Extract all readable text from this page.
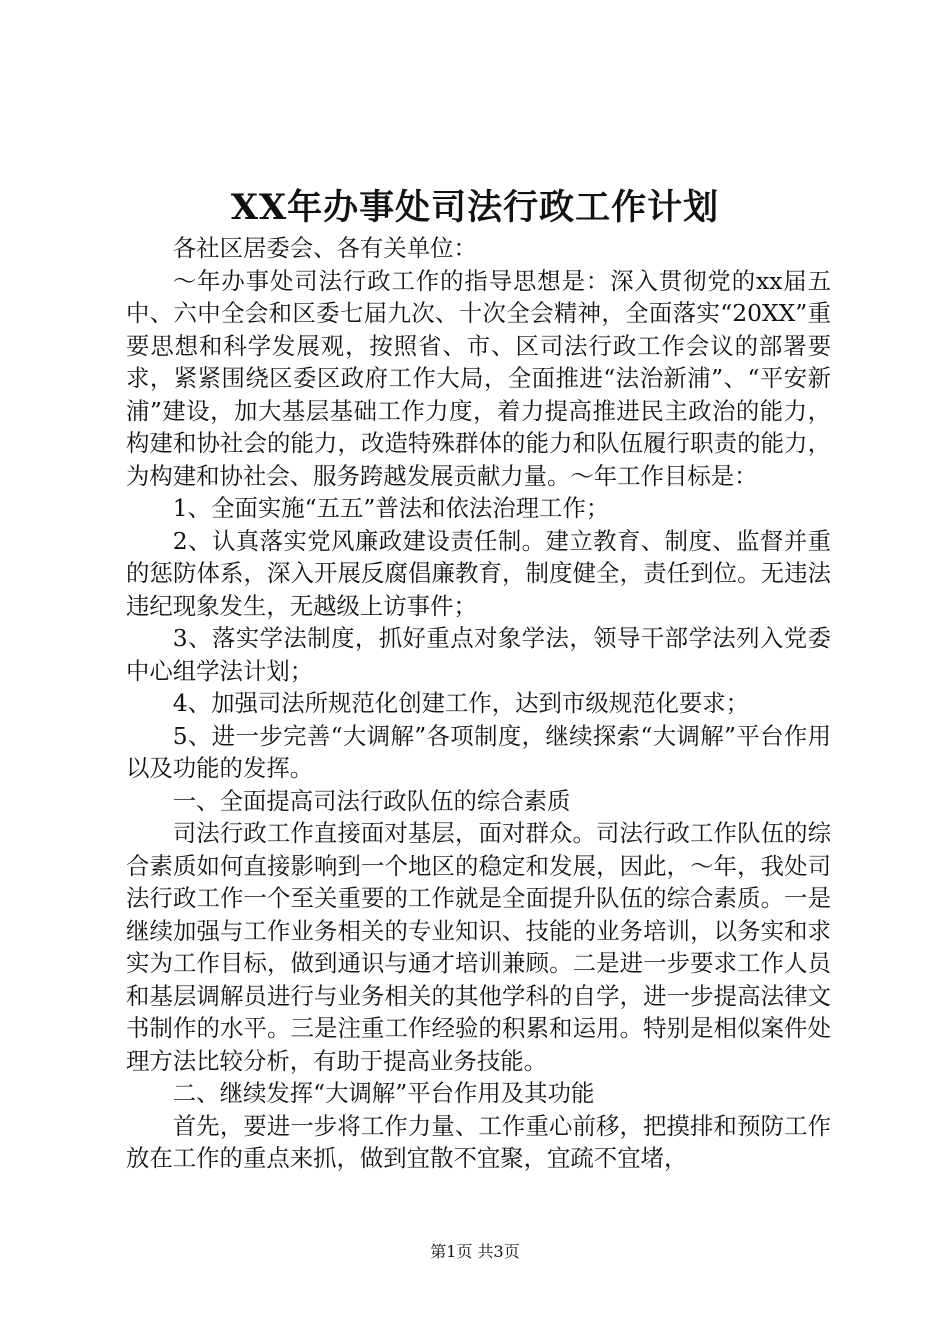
XX年办事处司法行政工作计划

各社区居委会、各有关单位：

～年办事处司法行政工作的指导思想是：深入贯彻党的xx届五中、六中全会和区委七届九次、十次全会精神，全面落实“20XX”重要思想和科学发展观，按照省、市、区司法行政工作会议的部署要求，紧紧围绕区委区政府工作大局，全面推进“法治新浦”、“平安新浦”建设，加大基层基础工作力度，着力提高推进民主政治的能力，构建和协社会的能力，改造特殊群体的能力和队伍履行职责的能力，为构建和协社会、服务跨越发展贡献力量。～年工作目标是：

1、全面实施“五五”普法和依法治理工作；

2、认真落实党风廉政建设责任制。建立教育、制度、监督并重的惩防体系，深入开展反腐倡廉教育，制度健全，责任到位。无违法违纪现象发生，无越级上访事件；

3、落实学法制度，抓好重点对象学法，领导干部学法列入党委中心组学法计划；

4、加强司法所规范化创建工作，达到市级规范化要求；

5、进一步完善“大调解”各项制度，继续探索“大调解”平台作用以及功能的发挥。

一、全面提高司法行政队伍的综合素质

司法行政工作直接面对基层，面对群众。司法行政工作队伍的综合素质如何直接影响到一个地区的稳定和发展，因此，～年，我处司法行政工作一个至关重要的工作就是全面提升队伍的综合素质。一是继续加强与工作业务相关的专业知识、技能的业务培训，以务实和求实为工作目标，做到通识与通才培训兼顾。二是进一步要求工作人员和基层调解员进行与业务相关的其他学科的自学，进一步提高法律文书制作的水平。三是注重工作经验的积累和运用。特别是相似案件处理方法比较分析，有助于提高业务技能。

二、继续发挥“大调解”平台作用及其功能

首先，要进一步将工作力量、工作重心前移，把摸排和预防工作放在工作的重点来抓，做到宜散不宜聚，宜疏不宜堵，

第1页 共3页
